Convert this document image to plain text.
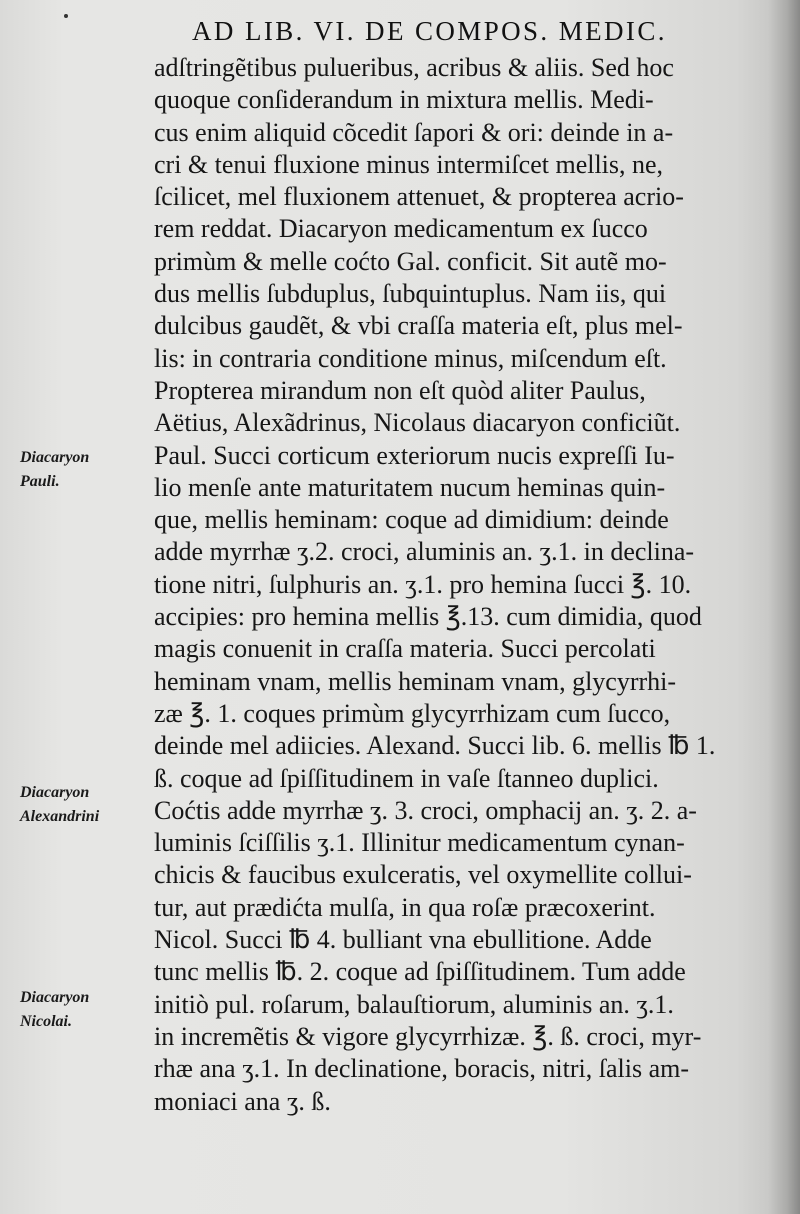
AD LIB. VI. DE COMPOS. MEDIC.
adſtringẽtibus pulueribus, acribus & aliis. Sed hoc
quoque conſiderandum in mixtura mellis. Medi-
cus enim aliquid cõcedit ſapori & ori: deinde in a-
cri & tenui fluxione minus intermiſcet mellis, ne,
ſcilicet, mel fluxionem attenuet, & propterea acrio-
rem reddat. Diacaryon medicamentum ex ſucco
primùm & melle coćto Gal. conficit. Sit autẽ mo-
dus mellis ſubduplus, ſubquintuplus. Nam iis, qui
dulcibus gaudẽt, & vbi craſſa materia eſt, plus mel-
lis: in contraria conditione minus, miſcendum eſt.
Propterea mirandum non eſt quòd aliter Paulus,
Aëtius, Alexãdrinus, Nicolaus diacaryon conficiũt.
Paul. Succi corticum exteriorum nucis expreſſi Iu-
lio menſe ante maturitatem nucum heminas quin-
que, mellis heminam: coque ad dimidium: deinde
adde myrrhæ ʒ.2. croci, aluminis an. ʒ.1. in declina-
tione nitri, ſulphuris an. ʒ.1. pro hemina ſucci ℥. 10.
accipies: pro hemina mellis ℥.13. cum dimidia, quod
magis conuenit in craſſa materia. Succi percolati
heminam vnam, mellis heminam vnam, glycyrrhi-
zæ ℥. 1. coques primùm glycyrrhizam cum ſucco,
deinde mel adiicies. Alexand. Succi lib. 6. mellis ℔ 1.
ß. coque ad ſpiſſitudinem in vaſe ſtanneo duplici.
Coćtis adde myrrhæ ʒ. 3. croci, omphacij an. ʒ. 2. a-
luminis ſciſſilis ʒ.1. Illinitur medicamentum cynan-
chicis & faucibus exulceratis, vel oxymellite collui-
tur, aut prædićta mulſa, in qua roſæ præcoxerint.
Nicol. Succi ℔ 4. bulliant vna ebullitione. Adde
tunc mellis ℔. 2. coque ad ſpiſſitudinem. Tum adde
initiò pul. roſarum, balauſtiorum, aluminis an. ʒ.1.
in incremẽtis & vigore glycyrrhizæ. ℥. ß. croci, myr-
rhæ ana ʒ.1. In declinatione, boracis, nitri, ſalis am-
moniaci ana ʒ. ß.
Diacaryon
Pauli.
Diacaryon
Alexandrini
Diacaryon
Nicolai.
